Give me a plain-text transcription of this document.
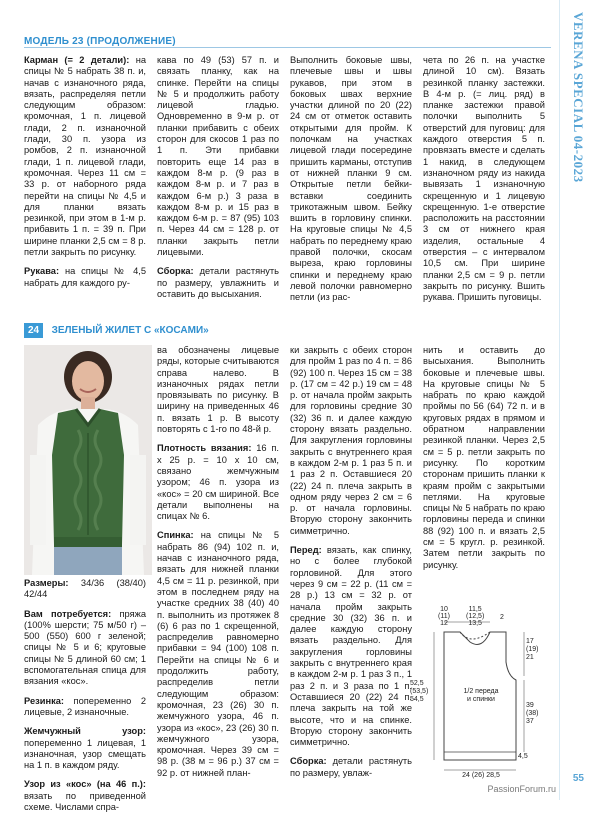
VERENA SPECIAL 04-2023
55
PassionForum.ru
МОДЕЛЬ 23 (ПРОДОЛЖЕНИЕ)

Карман (= 2 детали): на спицы № 5 набрать 38 п. и, начав с изнаночного ряда, вязать, распределяя петли следующим образом: кромочная, 1 п. лицевой глади, 2 п. изнаночной глади, 30 п. узора из ромбов, 2 п. изнаночной глади, 1 п. лицевой глади, кромочная. Через 11 см = 33 р. от наборного ряда перейти на спицы № 4,5 и для планки вязать резинкой, при этом в 1-м р. прибавить 1 п. = 39 п. При ширине планки 2,5 см = 8 р. петли закрыть по рисунку.

Рукава: на спицы № 4,5 набрать для каждого ру-

кава по 49 (53) 57 п. и связать планку, как на спинке. Перейти на спицы № 5 и продолжить работу лицевой гладью. Одновременно в 9-м р. от планки прибавить с обеих сторон для скосов 1 раз по 1 п. Эти прибавки повторить еще 14 раз в каждом 8-м р. (9 раз в каждом 8-м р. и 7 раз в каждом 6-м р.) 3 раза в каждом 8-м р. и 15 раз в каждом 6-м р. = 87 (95) 103 п. Через 44 см = 128 р. от планки закрыть петли лицевыми.

Сборка: детали растянуть по размеру, увлажнить и оставить до высыхания.

Выполнить боковые швы, плечевые швы и швы рукавов, при этом в боковых швах верхние участки длиной по 20 (22) 24 см от отметок оставить открытыми для пройм. К полочкам на участках лицевой глади посередине пришить карманы, отступив от нижней планки 9 см. Открытые петли бейки-вставки соединить трикотажным швом. Бейку вшить в горловину спинки. На круговые спицы № 4,5 набрать по переднему краю правой полочки, скосам выреза, краю горловины спинки и переднему краю левой полочки равномерно петли (из рас-

чета по 26 п. на участке длиной 10 см). Вязать резинкой планку застежки. В 4-м р. (= лиц. ряд) в планке застежки правой полочки выполнить 5 отверстий для пуговиц: для каждого отверстия 5 п. провязать вместе и сделать 1 накид, в следующем изнаночном ряду из накида вывязать 1 изнаночную скрещенную и 1 лицевую скрещенную. 1-е отверстие расположить на расстоянии 3 см от нижнего края изделия, остальные 4 отверстия – с интервалом 10,5 см. При ширине планки 2,5 см = 9 р. петли закрыть по рисунку. Вшить рукава. Пришить пуговицы.

24 ЗЕЛЕНЫЙ ЖИЛЕТ С «КОСАМИ»

Размеры: 34/36 (38/40) 42/44

Вам потребуется: пряжа (100% шерсти; 75 м/50 г) – 500 (550) 600 г зеленой; спицы № 5 и 6; круговые спицы № 5 длиной 60 см; 1 вспомогательная спица для вязания «кос».

Резинка: попеременно 2 лицевые, 2 изнаночные.

Жемчужный узор: попеременно 1 лицевая, 1 изнаночная, узор смещать на 1 п. в каждом ряду.

Узор из «кос» (на 46 п.): вязать по приведенной схеме. Числами спра-

ва обозначены лицевые ряды, которые считываются справа налево. В изнаночных рядах петли провязывать по рисунку. В ширину на приведенных 46 п. вязать 1 р. В высоту повторять с 1-го по 48-й р.

Плотность вязания: 16 п. x 25 р. = 10 x 10 см, связано жемчужным узором; 46 п. узора из «кос» = 20 см шириной. Все детали выполнены на спицах № 6.

Спинка: на спицы № 5 набрать 86 (94) 102 п. и, начав с изнаночного ряда, вязать для нижней планки 4,5 см = 11 р. резинкой, при этом в последнем ряду на участке средних 38 (40) 40 п. выполнить из протяжек 8 (6) 6 раз по 1 скрещенной, распределив равномерно прибавки = 94 (100) 108 п. Перейти на спицы № 6 и продолжить работу, распределив петли следующим образом: кромочная, 23 (26) 30 п. жемчужного узора, 46 п. узора из «кос», 23 (26) 30 п. жемчужного узора, кромочная. Через 39 см = 98 р. (38 м = 96 р.) 37 см = 92 р. от нижней план-

ки закрыть с обеих сторон для пройм 1 раз по 4 п. = 86 (92) 100 п. Через 15 см = 38 р. (17 см = 42 р.) 19 см = 48 р. от начала пройм закрыть для горловины средние 30 (32) 36 п. и далее каждую сторону вязать раздельно. Для закругления горловины закрыть с внутреннего края в каждом 2-м р. 1 раз 5 п. и 1 раз 2 п. Оставшиеся 20 (22) 24 п. плеча закрыть в одном ряду через 2 см = 6 р. от начала горловины. Вторую сторону закончить симметрично.

Перед: вязать, как спинку, но с более глубокой горловиной. Для этого через 9 см = 22 р. (11 см = 28 р.) 13 см = 32 р. от начала пройм закрыть средние 30 (32) 36 п. и далее каждую сторону вязать раздельно. Для закругления горловины закрыть с внутреннего края в каждом 2-м р. 1 раз 3 п., 1 раз 2 п. и 3 раза по 1 п. Оставшиеся 20 (22) 24 п. плеча закрыть на той же высоте, что и на спинке. Вторую сторону закончить симметрично.

Сборка: детали растянуть по размеру, увлаж-

нить и оставить до высыхания. Выполнить боковые и плечевые швы. На круговые спицы № 5 набрать по краю каждой проймы по 56 (64) 72 п. и в круговых рядах в прямом и обратном направлении резинкой планки. Через 2,5 см = 5 р. петли закрыть по рисунку. По коротким сторонам пришить планки к краям пройм с закрытыми петлями. На круговые спицы № 5 набрать по краю горловины переда и спинки 88 (92) 100 п. и вязать 2,5 см = 5 кругл. р. резинкой. Затем петли закрыть по рисунку.

10
(11)
12
11,5
(12,5)
13,5
2
17
(19)
21
52,5
(53,5)
54,5
1/2 переда
и спинки
39
(38)
37
4,5
24 (26) 28,5
